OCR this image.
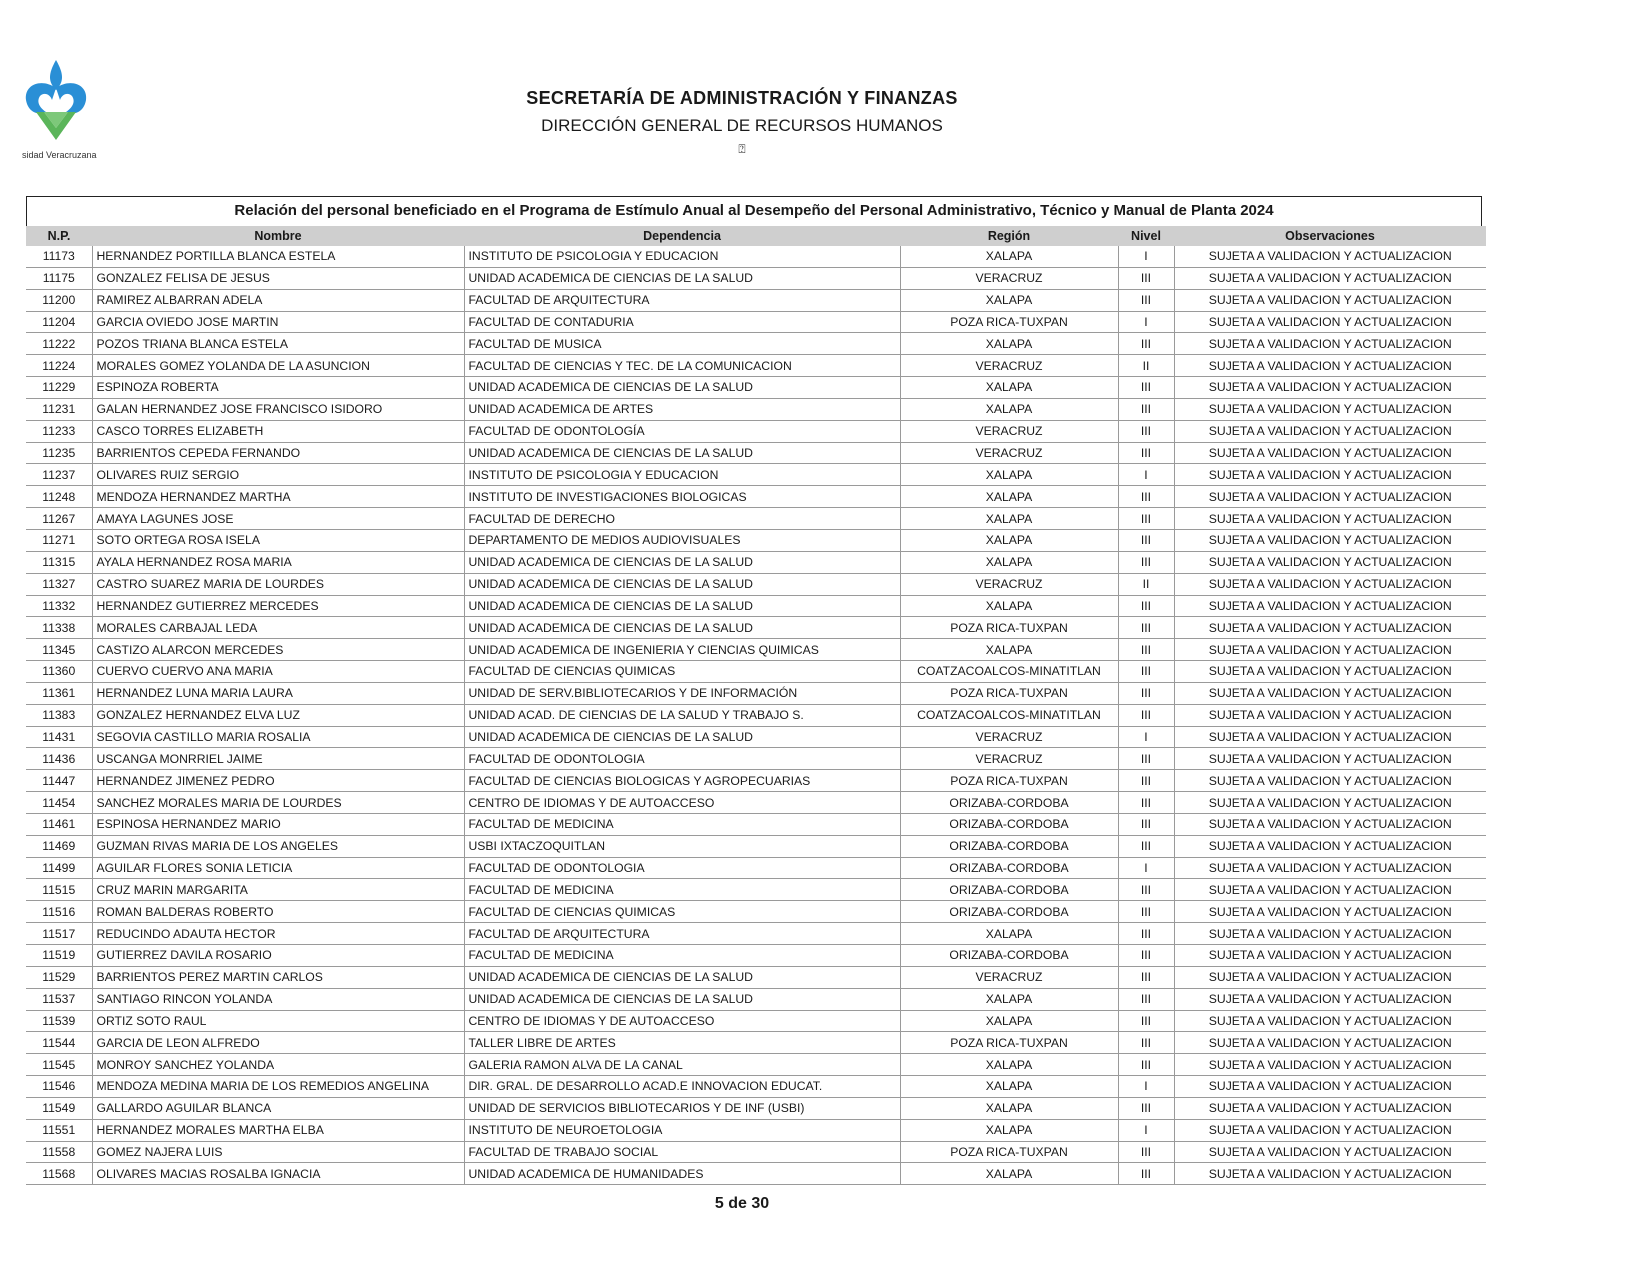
sidad Veracruzana
SECRETARÍA DE ADMINISTRACIÓN Y FINANZAS
DIRECCIÓN GENERAL DE RECURSOS HUMANOS
⍰
Relación del personal beneficiado en el Programa de Estímulo Anual al Desempeño del Personal Administrativo, Técnico y Manual de Planta 2024
N.P.	Nombre	Dependencia	Región	Nivel	Observaciones
11173	HERNANDEZ PORTILLA BLANCA ESTELA	INSTITUTO DE PSICOLOGIA Y EDUCACION	XALAPA	I	SUJETA A VALIDACION Y ACTUALIZACION
11175	GONZALEZ FELISA DE JESUS	UNIDAD ACADEMICA DE CIENCIAS DE LA SALUD	VERACRUZ	III	SUJETA A VALIDACION Y ACTUALIZACION
11200	RAMIREZ ALBARRAN ADELA	FACULTAD DE ARQUITECTURA	XALAPA	III	SUJETA A VALIDACION Y ACTUALIZACION
11204	GARCIA OVIEDO JOSE MARTIN	FACULTAD DE CONTADURIA	POZA RICA-TUXPAN	I	SUJETA A VALIDACION Y ACTUALIZACION
11222	POZOS TRIANA BLANCA ESTELA	FACULTAD DE MUSICA	XALAPA	III	SUJETA A VALIDACION Y ACTUALIZACION
11224	MORALES GOMEZ YOLANDA DE LA ASUNCION	FACULTAD DE CIENCIAS Y TEC. DE LA COMUNICACION	VERACRUZ	II	SUJETA A VALIDACION Y ACTUALIZACION
11229	ESPINOZA ROBERTA	UNIDAD ACADEMICA DE CIENCIAS DE LA SALUD	XALAPA	III	SUJETA A VALIDACION Y ACTUALIZACION
11231	GALAN HERNANDEZ JOSE FRANCISCO ISIDORO	UNIDAD ACADEMICA DE ARTES	XALAPA	III	SUJETA A VALIDACION Y ACTUALIZACION
11233	CASCO TORRES ELIZABETH	FACULTAD DE ODONTOLOGÍA	VERACRUZ	III	SUJETA A VALIDACION Y ACTUALIZACION
11235	BARRIENTOS CEPEDA FERNANDO	UNIDAD ACADEMICA DE CIENCIAS DE LA SALUD	VERACRUZ	III	SUJETA A VALIDACION Y ACTUALIZACION
11237	OLIVARES RUIZ SERGIO	INSTITUTO DE PSICOLOGIA Y EDUCACION	XALAPA	I	SUJETA A VALIDACION Y ACTUALIZACION
11248	MENDOZA HERNANDEZ MARTHA	INSTITUTO DE INVESTIGACIONES BIOLOGICAS	XALAPA	III	SUJETA A VALIDACION Y ACTUALIZACION
11267	AMAYA LAGUNES JOSE	FACULTAD DE DERECHO	XALAPA	III	SUJETA A VALIDACION Y ACTUALIZACION
11271	SOTO ORTEGA ROSA ISELA	DEPARTAMENTO DE MEDIOS AUDIOVISUALES	XALAPA	III	SUJETA A VALIDACION Y ACTUALIZACION
11315	AYALA HERNANDEZ ROSA MARIA	UNIDAD ACADEMICA DE CIENCIAS DE LA SALUD	XALAPA	III	SUJETA A VALIDACION Y ACTUALIZACION
11327	CASTRO SUAREZ MARIA DE LOURDES	UNIDAD ACADEMICA DE CIENCIAS DE LA SALUD	VERACRUZ	II	SUJETA A VALIDACION Y ACTUALIZACION
11332	HERNANDEZ GUTIERREZ MERCEDES	UNIDAD ACADEMICA DE CIENCIAS DE LA SALUD	XALAPA	III	SUJETA A VALIDACION Y ACTUALIZACION
11338	MORALES CARBAJAL LEDA	UNIDAD ACADEMICA DE CIENCIAS DE LA SALUD	POZA RICA-TUXPAN	III	SUJETA A VALIDACION Y ACTUALIZACION
11345	CASTIZO ALARCON MERCEDES	UNIDAD ACADEMICA DE INGENIERIA Y CIENCIAS QUIMICAS	XALAPA	III	SUJETA A VALIDACION Y ACTUALIZACION
11360	CUERVO CUERVO ANA MARIA	FACULTAD DE CIENCIAS QUIMICAS	COATZACOALCOS-MINATITLAN	III	SUJETA A VALIDACION Y ACTUALIZACION
11361	HERNANDEZ LUNA MARIA LAURA	UNIDAD DE SERV.BIBLIOTECARIOS Y DE INFORMACIÓN	POZA RICA-TUXPAN	III	SUJETA A VALIDACION Y ACTUALIZACION
11383	GONZALEZ HERNANDEZ ELVA LUZ	UNIDAD ACAD. DE CIENCIAS DE LA SALUD Y TRABAJO S.	COATZACOALCOS-MINATITLAN	III	SUJETA A VALIDACION Y ACTUALIZACION
11431	SEGOVIA CASTILLO MARIA ROSALIA	UNIDAD ACADEMICA DE CIENCIAS DE LA SALUD	VERACRUZ	I	SUJETA A VALIDACION Y ACTUALIZACION
11436	USCANGA MONRRIEL JAIME	FACULTAD DE ODONTOLOGIA	VERACRUZ	III	SUJETA A VALIDACION Y ACTUALIZACION
11447	HERNANDEZ JIMENEZ PEDRO	FACULTAD DE CIENCIAS BIOLOGICAS Y AGROPECUARIAS	POZA RICA-TUXPAN	III	SUJETA A VALIDACION Y ACTUALIZACION
11454	SANCHEZ MORALES MARIA DE LOURDES	CENTRO DE IDIOMAS Y DE AUTOACCESO	ORIZABA-CORDOBA	III	SUJETA A VALIDACION Y ACTUALIZACION
11461	ESPINOSA HERNANDEZ MARIO	FACULTAD DE MEDICINA	ORIZABA-CORDOBA	III	SUJETA A VALIDACION Y ACTUALIZACION
11469	GUZMAN RIVAS MARIA DE LOS ANGELES	USBI IXTACZOQUITLAN	ORIZABA-CORDOBA	III	SUJETA A VALIDACION Y ACTUALIZACION
11499	AGUILAR FLORES SONIA LETICIA	FACULTAD DE ODONTOLOGIA	ORIZABA-CORDOBA	I	SUJETA A VALIDACION Y ACTUALIZACION
11515	CRUZ MARIN MARGARITA	FACULTAD DE MEDICINA	ORIZABA-CORDOBA	III	SUJETA A VALIDACION Y ACTUALIZACION
11516	ROMAN BALDERAS ROBERTO	FACULTAD DE CIENCIAS QUIMICAS	ORIZABA-CORDOBA	III	SUJETA A VALIDACION Y ACTUALIZACION
11517	REDUCINDO ADAUTA HECTOR	FACULTAD DE ARQUITECTURA	XALAPA	III	SUJETA A VALIDACION Y ACTUALIZACION
11519	GUTIERREZ DAVILA ROSARIO	FACULTAD DE MEDICINA	ORIZABA-CORDOBA	III	SUJETA A VALIDACION Y ACTUALIZACION
11529	BARRIENTOS PEREZ MARTIN CARLOS	UNIDAD ACADEMICA DE CIENCIAS DE LA SALUD	VERACRUZ	III	SUJETA A VALIDACION Y ACTUALIZACION
11537	SANTIAGO RINCON YOLANDA	UNIDAD ACADEMICA DE CIENCIAS DE LA SALUD	XALAPA	III	SUJETA A VALIDACION Y ACTUALIZACION
11539	ORTIZ SOTO RAUL	CENTRO DE IDIOMAS Y DE AUTOACCESO	XALAPA	III	SUJETA A VALIDACION Y ACTUALIZACION
11544	GARCIA DE LEON ALFREDO	TALLER LIBRE DE ARTES	POZA RICA-TUXPAN	III	SUJETA A VALIDACION Y ACTUALIZACION
11545	MONROY SANCHEZ YOLANDA	GALERIA RAMON ALVA DE LA CANAL	XALAPA	III	SUJETA A VALIDACION Y ACTUALIZACION
11546	MENDOZA MEDINA MARIA DE LOS REMEDIOS ANGELINA	DIR. GRAL. DE DESARROLLO ACAD.E INNOVACION EDUCAT.	XALAPA	I	SUJETA A VALIDACION Y ACTUALIZACION
11549	GALLARDO AGUILAR BLANCA	UNIDAD DE SERVICIOS BIBLIOTECARIOS Y DE INF (USBI)	XALAPA	III	SUJETA A VALIDACION Y ACTUALIZACION
11551	HERNANDEZ MORALES MARTHA ELBA	INSTITUTO DE NEUROETOLOGIA	XALAPA	I	SUJETA A VALIDACION Y ACTUALIZACION
11558	GOMEZ NAJERA LUIS	FACULTAD DE TRABAJO SOCIAL	POZA RICA-TUXPAN	III	SUJETA A VALIDACION Y ACTUALIZACION
11568	OLIVARES MACIAS ROSALBA IGNACIA	UNIDAD ACADEMICA DE HUMANIDADES	XALAPA	III	SUJETA A VALIDACION Y ACTUALIZACION
5 de 30
